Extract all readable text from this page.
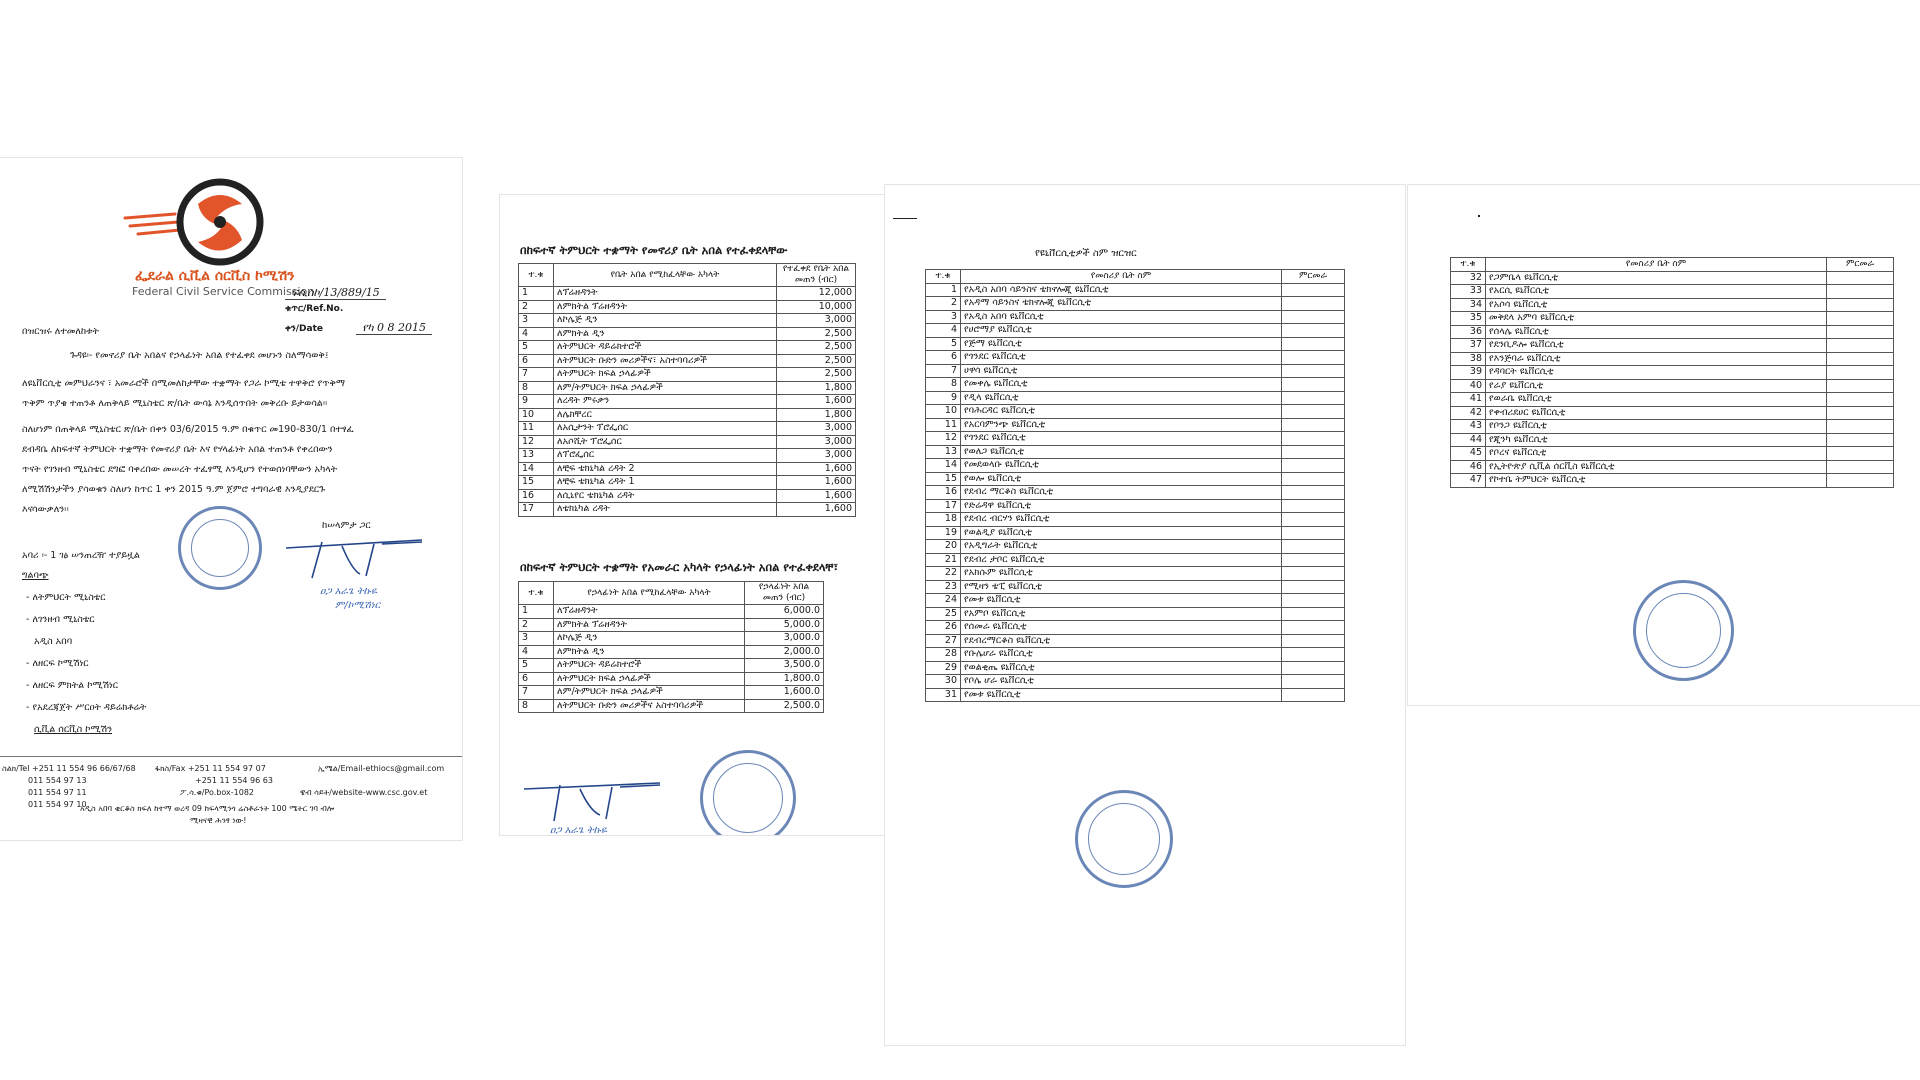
ፌደራል ሲቪል ሰርቪስ ኮሚሽን
Federal Civil Service Commission
ፍሲሰኮ/13/889/15
ቁጥር/Ref.No.
ቀን/Date	የካ 0 8 2015
በዝርዝሩ ለተመለከቱት
ጉዳዩ፡- የመኖሪያ ቤት አበልና የኃላፊነት አበል የተፈቀደ መሆኑን ስለማሳወቅ፤
ለዩኒቨርሲቲ መምህራንና ፣ አመራሮች በሚመለከታቸው ተቋማት የጋራ ኮሚቴ ተዋቅሮ የጥቅማ
ጥቅም ጥያቄ ተጠንቶ ለጠቅላይ ሚኒስቴር ጽ/ቤት ውሳኔ እንዲሰጥበት መቅረቡ ይታወሳል፡፡
ስለሆነም በጠቅላይ ሚኒስቴር ጽ/ቤት በቀን 03/6/2015 ዓ.ም በቁጥር መ190-830/1 በተፃፈ
ደብዳቤ ለከፍተኛ ትምህርት ተቋማት የመኖሪያ ቤት እና የሃላፊነት አበል ተጠንቶ የቀረበውን
ጥናት የገንዘብ ሚኒስቴር ደግፎ ባቀረበው መሠረት ተፈፃሚ እንዲሆን የተወሰነባቸውን አካላት
ለሚሽሽንታችን ያሳወቁን ስለሆነ ከጥር 1 ቀን 2015 ዓ.ም ጀምሮ ተግባራዊ እንዲያደርጉ
እናሳውቃለን፡፡
ከሠላምታ ጋር
ዐጋ አራጌ ትኩዬ
ም/ኮሚሽነር
አባሪ ፡- 1 ገፅ ሠንጠረዥ ተያይዟል
ግልባጭ
- ለትምህርት ሚኒስቴር
- ለገንዘብ ሚኒስቴር
አዲስ አበባ
- ለዘርፍ ኮሚሽነር
- ለዘርፍ ምክትል ኮሚሽነር
- የአደረጃጀት ሥርዐት ዳይሬክቶሬት
ሲቪል ሰርቪስ ኮሚሽን
ስልክ/Tel +251 11 554 96 66/67/68
011 554 97 13
011 554 97 11
011 554 97 10
ፋክስ/Fax +251 11 554 97 07
+251 11 554 96 63
ፖ.ሳ.ቁ/Po.box-1082
ኢሜል/Email-ethiocs@gmail.com
ዌብ ሳይት/website-www.csc.gov.et
አዲስ አበባ ቂርቆስ ክፍለ ከተማ ወረዳ 09 ከፍላሚንጎ ሬስቶራንት 100 ሜትር ገባ ብሎ
ሚዛናዊ ሕንፃ ነው!
በከፍተኛ ትምህርት ተቋማት የመኖሪያ ቤት አበል የተፈቀደላቸው
ተ.ቁ	የቤት አበል የሚከፈላቸው አካላት	የተፈቀደ የቤት አበል መጠን (ብር)
1	ለፕሬዘዳንት	12,000
2	ለምክትል ፕሬዘዳንት	10,000
3	ለኮሌጅ ዲን	3,000
4	ለምክትል ዲን	2,500
5	ለትምህርት ዳይሬክተሮች	2,500
6	ለትምህርት ቡድን መሪዎችና፣ አስተባባሪዎች	2,500
7	ለትምህርት ክፍል ኃላፊዎች	2,500
8	ለም/ትምህርት ክፍል ኃላፊዎች	1,800
9	ለረዳት ምሩቃን	1,600
10	ለሌክቸረር	1,800
11	ለአሲታንት ፕሮፌሰር	3,000
12	ለአሶሺት ፕሮፌሰር	3,000
13	ለፕሮፌሰር	3,000
14	ለቺፍ ቴክኒካል ረዳት 2	1,600
15	ለቺፍ ቴክኒካል ረዳት 1	1,600
16	ለሲኒየር ቴክኒካል ረዳት	1,600
17	ለቴክኒካል ረዳት	1,600
በከፍተኛ ትምህርት ተቋማት የአመራር አካላት የኃላፊነት አበል የተፈቀደላቸ፣
ተ.ቁ	የኃላፊነት አበል የሚከፈላቸው አካላት	የኃላፊነት አበል መጠን (ብር)
1	ለፕሬዘዳንት	6,000.0
2	ለምክትል ፕሬዘዳንት	5,000.0
3	ለኮሌጅ ዲን	3,000.0
4	ለምክትል ዲን	2,000.0
5	ለትምህርት ዳይሬክተሮች	3,500.0
6	ለትምህርት ክፍል ኃላፊዎች	1,800.0
7	ለም/ትምህርት ክፍል ኃላፊዎች	1,600.0
8	ለትምህርት ቡድን መሪዎችና አስተባባሪዎች	2,500.0
ዐጋ አራጌ ትኩዬ
የዩኒቨርሲቲዎች ስም ዝርዝር
ተ.ቁ	የመስሪያ ቤት ስም	ምርመራ
1	የአዲስ አበባ ሳይንስና ቴክኖሎጂ ዩኒቨርሲቲ	
2	የአዳማ ሳይንስና ቴክኖሎጂ ዩኒቨርሲቲ	
3	የአዲስ አበባ ዩኒቨርሲቲ	
4	የሀሮማያ ዩኒቨርሲቲ	
5	የጅማ ዩኒቨርሲቲ	
6	የጎንደር ዩኒቨርሲቲ	
7	ሀዋሳ ዩኒቨርሲቲ	
8	የመቀሌ ዩኒቨርሲቲ	
9	የዲላ ዩኒቨርሲቲ	
10	የባሕርዳር ዩኒቨርሲቲ	
11	የአርባምንጭ ዩኒቨርሲቲ	
12	የጎንደር ዩኒቨርሲቲ	
13	የወለጋ ዩኒቨርሲቲ	
14	የመደወላቡ ዩኒቨርሲቲ	
15	የወሎ ዩኒቨርሲቲ	
16	የደብረ ማርቆስ ዩኒቨርሲቲ	
17	የድሬዳዋ ዩኒቨርሲቲ	
18	የደብረ ብርሃን ዩኒቨርሲቲ	
19	የወልዲያ ዩኒቨርሲቲ	
20	የአዲግራት ዩኒቨርሲቲ	
21	የደብረ ታቦር ዩኒቨርሲቲ	
22	የአክሱም ዩኒቨርሲቲ	
23	የሚዛን ቴፒ ዩኒቨርሲቲ	
24	የመቱ ዩኒቨርሲቲ	
25	የአምቦ ዩኒቨርሲቲ	
26	የሰመራ ዩኒቨርሲቲ	
27	የደብረማርቆስ ዩኒቨርሲቲ	
28	የቡሌሆራ ዩኒቨርሲቲ	
29	የወልቂጤ ዩኒቨርሲቲ	
30	የቦሌ ሆራ ዩኒቨርሲቲ	
31	የመቱ ዩኒቨርሲቲ	
ተ.ቁ	የመስሪያ ቤት ስም	ምርመራ
32	የጋምቤላ ዩኒቨርሲቲ	
33	የአርሲ ዩኒቨርሲቲ	
34	የአሶሳ ዩኒቨርሲቲ	
35	መቅደላ አምባ ዩኒቨርሲቲ	
36	የሰላሌ ዩኒቨርሲቲ	
37	የደንቢዶሎ ዩኒቨርሲቲ	
38	የእንጅባራ ዩኒቨርሲቲ	
39	የዳባርት ዩኒቨርሲቲ	
40	የራያ ዩኒቨርሲቲ	
41	የወራቤ ዩኒቨርሲቲ	
42	የቀብሪደሀር ዩኒቨርሲቲ	
43	የቦንጋ ዩኒቨርሲቲ	
44	የጂንካ ዩኒቨርሲቲ	
45	የቦረና ዩኒቨርሲቲ	
46	የኢትዮጵያ ሲቪል ሰርቪስ ዩኒቨርሲቲ	
47	የኮተቤ ትምህርት ዩኒቨርሲቲ	
